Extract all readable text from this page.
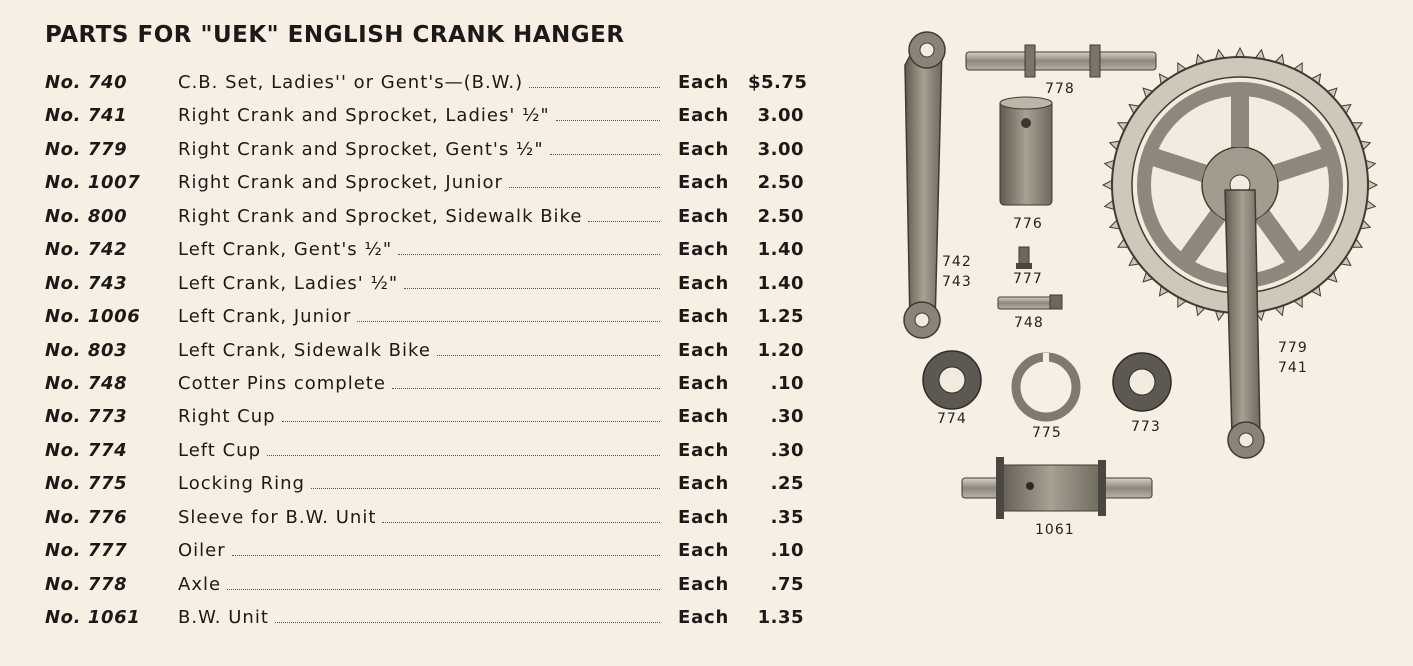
PARTS FOR "UEK" ENGLISH CRANK HANGER
No. 740	C.B. Set, Ladies'' or Gent's—(B.W.)	Each	$5.75
No. 741	Right Crank and Sprocket, Ladies' ½"	Each	3.00
No. 779	Right Crank and Sprocket, Gent's ½"	Each	3.00
No. 1007	Right Crank and Sprocket, Junior	Each	2.50
No. 800	Right Crank and Sprocket, Sidewalk Bike	Each	2.50
No. 742	Left Crank, Gent's ½"	Each	1.40
No. 743	Left Crank, Ladies' ½"	Each	1.40
No. 1006	Left Crank, Junior	Each	1.25
No. 803	Left Crank, Sidewalk Bike	Each	1.20
No. 748	Cotter Pins complete	Each	.10
No. 773	Right Cup	Each	.30
No. 774	Left Cup	Each	.30
No. 775	Locking Ring	Each	.25
No. 776	Sleeve for B.W. Unit	Each	.35
No. 777	Oiler	Each	.10
No. 778	Axle	Each	.75
No. 1061	B.W. Unit	Each	1.35
778
776
742
743	777
748
779
741
774
775	773
1061
